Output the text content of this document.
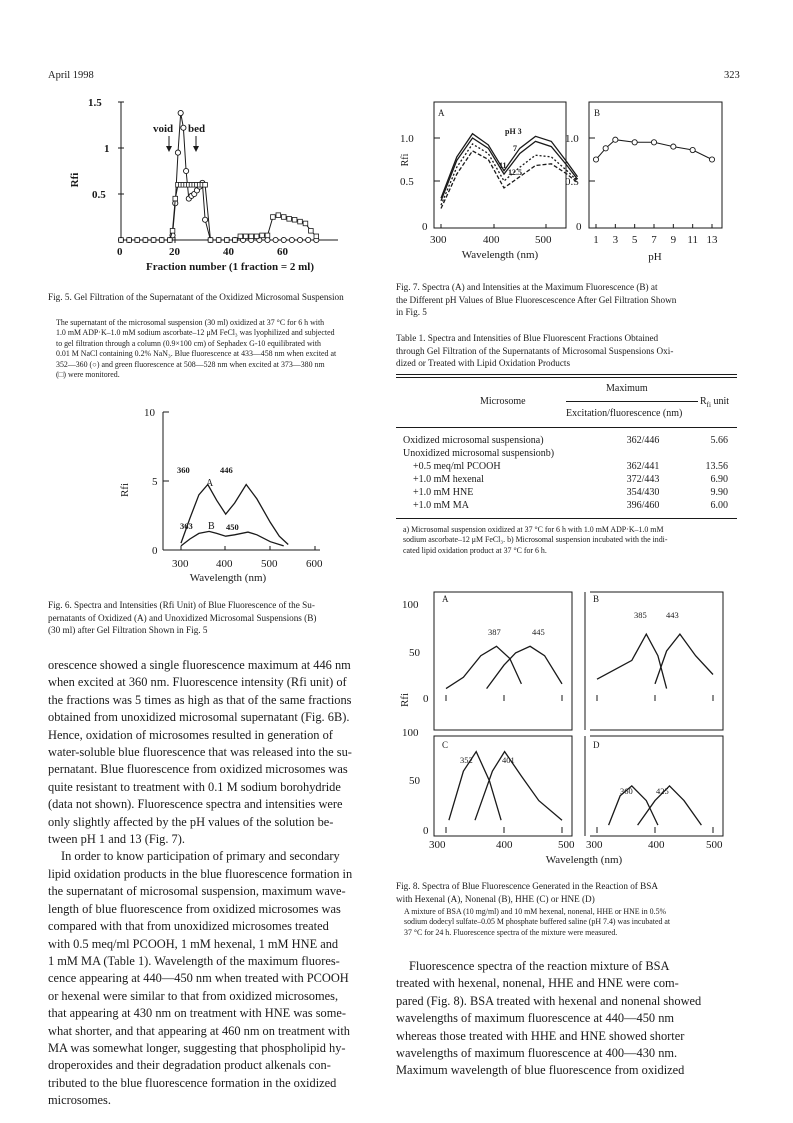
April 1998	323
1.5
1
0.5
0	20	40	60
Rfi
Fraction number (1 fraction = 2 ml)
void bed
Fig. 5. Gel Filtration of the Supernatant of the Oxidized Microsomal Suspension
The supernatant of the microsomal suspension (30 ml) oxidized at 37 °C for 6 h with
1.0 mM ADP·K–1.0 mM sodium ascorbate–12 μM FeCl₃ was lyophilized and subjected
to gel filtration through a column (0.9×100 cm) of Sephadex G-10 equilibrated with
0.01 M NaCl containing 0.2% NaN₃. Blue fluorescence at 433—458 nm when excited at
352—360 (○) and green fluorescence at 508—528 nm when excited at 373—380 nm
(□) were monitored.
10
5
0
300	400	500	600
Rfi
Wavelength (nm)
360	446
A
363 B 450
Fig. 6. Spectra and Intensities (Rfi Unit) of Blue Fluorescence of the Su-
pernatants of Oxidized (A) and Unoxidized Microsomal Suspensions (B)
(30 ml) after Gel Filtration Shown in Fig. 5

orescence showed a single fluorescence maximum at 446 nm

when excited at 360 nm. Fluorescence intensity (Rfi unit) of

the fractions was 5 times as high as that of the same fractions

obtained from unoxidized microsomal supernatant (Fig. 6B).

Hence, oxidation of microsomes resulted in generation of

water-soluble blue fluorescence that was released into the su-

pernatant. Blue fluorescence from oxidized microsomes was

quite resistant to treatment with 0.1 M sodium borohydride

(data not shown). Fluorescence spectra and intensities were

only slightly affected by the pH values of the solution be-

tween pH 1 and 13 (Fig. 7).

In order to know participation of primary and secondary

lipid oxidation products in the blue fluorescence formation in

the supernatant of microsomal suspension, maximum wave-

length of blue fluorescence from oxidized microsomes was

compared with that from unoxidized microsomes treated

with 0.5 meq/ml PCOOH, 1 mM hexenal, 1 mM HNE and

1 mM MA (Table 1). Wavelength of the maximum fluores-

cence appearing at 440—450 nm when treated with PCOOH

or hexenal were similar to that from oxidized microsomes,

that appearing at 430 nm on treatment with HNE was some-

what shorter, and that appearing at 460 nm on treatment with

MA was somewhat longer, suggesting that phospholipid hy-

droperoxides and their degradation product alkenals con-

tributed to the blue fluorescence formation in the oxidized

microsomes.

A
1.0
0.5
0
300	400	500
Rfi
Wavelength (nm)
pH 3
7
11
12.5
B
1.0
0.5
0
1 3 5 7 9 11 13
pH
Fig. 7. Spectra (A) and Intensities at the Maximum Fluorescence (B) at
the Different pH Values of Blue Fluorescescence After Gel Filtration Shown
in Fig. 5
Table 1. Spectra and Intensities of Blue Fluorescent Fractions Obtained
through Gel Filtration of the Supernatants of Microsomal Suspensions Oxi-
dized or Treated with Lipid Oxidation Products
Maximum
Microsome	$R_{fi}$ unit
Excitation/fluorescence (nm)
Oxidized microsomal suspensiona)	362/446	5.66
Unoxidized microsomal suspensionb)		
+0.5 meq/ml PCOOH	362/441	13.56
+1.0 mM hexenal	372/443	6.90
+1.0 mM HNE	354/430	9.90
+1.0 mM MA	396/460	6.00
a) Microsomal suspension oxidized at 37 °C for 6 h with 1.0 mM ADP·K–1.0 mM
sodium ascorbate–12 μM FeCl₃. b) Microsomal suspension incubated with the indi-
cated lipid oxidation product at 37 °C for 6 h.
A	B
C	D
100
50
0
100
50
0
Rfi
300	400	500 300	400	500
Wavelength (nm)
387	445
385 443
352	401
360	425
Fig. 8. Spectra of Blue Fluorescence Generated in the Reaction of BSA
with Hexenal (A), Nonenal (B), HHE (C) or HNE (D)
A mixture of BSA (10 mg/ml) and 10 mM hexenal, nonenal, HHE or HNE in 0.5%
sodium dodecyl sulfate–0.05 M phosphate buffered saline (pH 7.4) was incubated at
37 °C for 24 h. Fluorescence spectra of the mixture were measured.

Fluorescence spectra of the reaction mixture of BSA

treated with hexenal, nonenal, HHE and HNE were com-

pared (Fig. 8). BSA treated with hexenal and nonenal showed

wavelengths of maximum fluorescence at 440—450 nm

whereas those treated with HHE and HNE showed shorter

wavelengths of maximum fluorescence at 400—430 nm.

Maximum wavelength of blue fluorescence from oxidized
